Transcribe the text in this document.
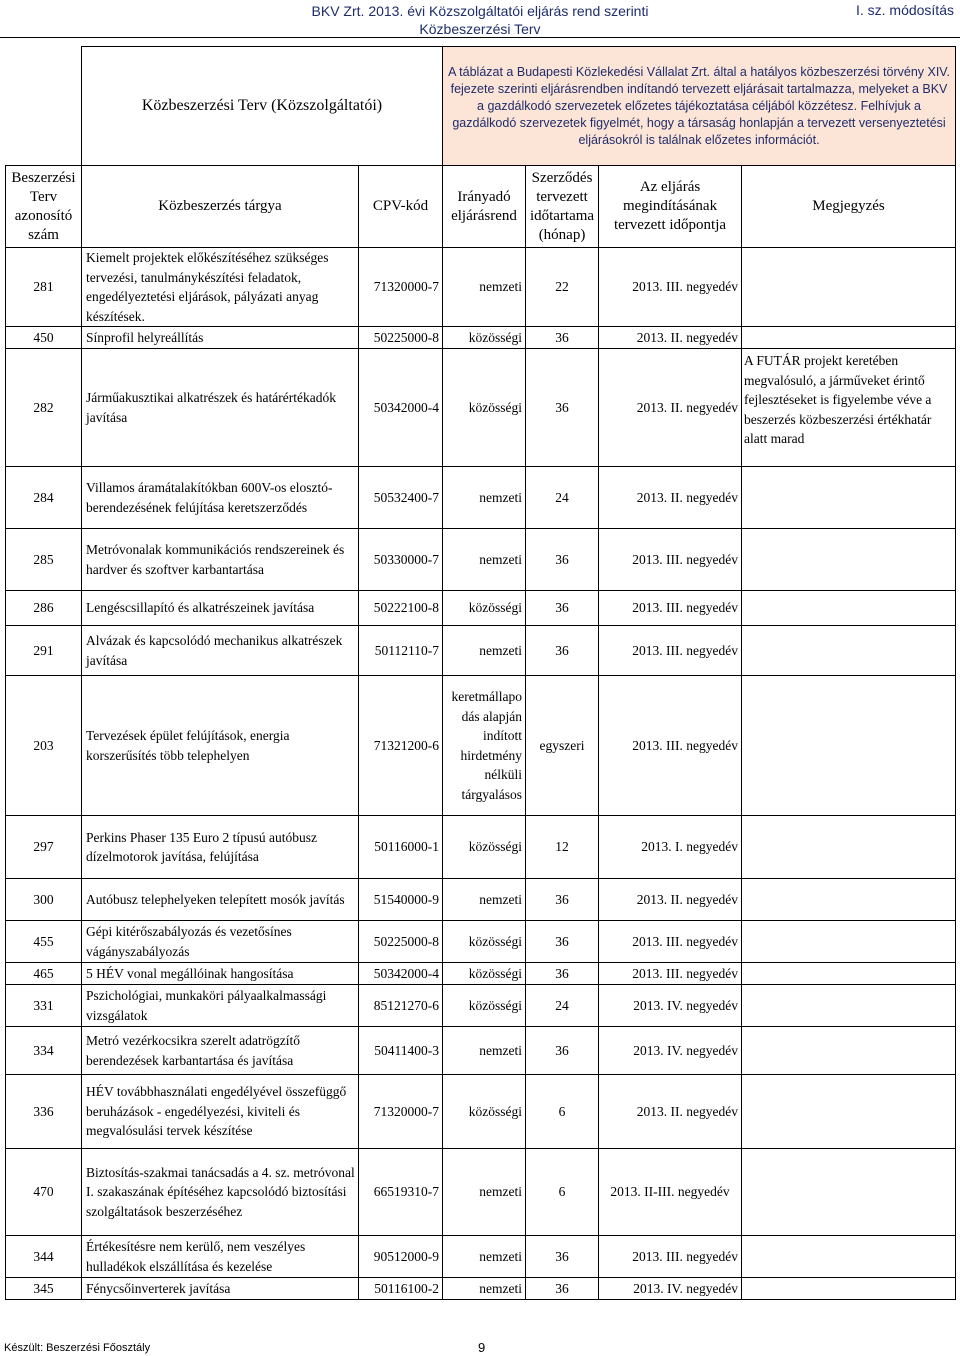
BKV Zrt. 2013. évi Közszolgáltatói eljárás rend szerinti
Közbeszerzési Terv
I. sz. módosítás
	Közbeszerzési Terv (Közszolgáltatói)		A táblázat a Budapesti Közlekedési Vállalat Zrt. által a hatályos közbeszerzési törvény XIV. fejezete szerinti eljárásrendben indítandó tervezett eljárásait tartalmazza, melyeket a BKV a gazdálkodó szervezetek előzetes tájékoztatása céljából közzétesz. Felhívjuk a gazdálkodó szervezetek figyelmét, hogy a társaság honlapján a tervezett versenyeztetési eljárásokról is találnak előzetes információt.			
Beszerzési Terv azonosító szám	Közbeszerzés tárgya	CPV-kód	Irányadó eljárásrend	Szerződés tervezett időtartama (hónap)	Az eljárás megindításának tervezett időpontja	Megjegyzés
281	Kiemelt projektek előkészítéséhez szükséges tervezési, tanulmánykészítési feladatok, engedélyeztetési eljárások, pályázati anyag készítések.	71320000-7	nemzeti	22	2013. III. negyedév	
450	Sínprofil helyreállítás	50225000-8	közösségi	36	2013. II. negyedév	
282	Járműakusztikai alkatrészek és határértékadók javítása	50342000-4	közösségi	36	2013. II. negyedév	A FUTÁR projekt keretében megvalósuló, a járműveket érintő fejlesztéseket is figyelembe véve a beszerzés közbeszerzési értékhatár alatt marad
284	Villamos áramátalakítókban 600V-os elosztó-berendezésének felújítása keretszerződés	50532400-7	nemzeti	24	2013. II. negyedév	
285	Metróvonalak kommunikációs rendszereinek és hardver és szoftver karbantartása	50330000-7	nemzeti	36	2013. III. negyedév	
286	Lengéscsillapító és alkatrészeinek javítása	50222100-8	közösségi	36	2013. III. negyedév	
291	Alvázak és kapcsolódó mechanikus alkatrészek javítása	50112110-7	nemzeti	36	2013. III. negyedév	
203	Tervezések épület felújítások, energia korszerűsítés több telephelyen	71321200-6	keretmállapo dás alapján indított hirdetmény nélküli tárgyalásos	egyszeri	2013. III. negyedév	
297	Perkins Phaser 135 Euro 2 típusú autóbusz dízelmotorok javítása, felújítása	50116000-1	közösségi	12	2013. I. negyedév	
300	Autóbusz telephelyeken telepített mosók javítás	51540000-9	nemzeti	36	2013. II. negyedév	
455	Gépi kitérőszabályozás és vezetősínes vágányszabályozás	50225000-8	közösségi	36	2013. III. negyedév	
465	5 HÉV vonal megállóinak hangosítása	50342000-4	közösségi	36	2013. III. negyedév	
331	Pszichológiai, munkaköri pályaalkalmassági vizsgálatok	85121270-6	közösségi	24	2013. IV. negyedév	
334	Metró vezérkocsikra szerelt adatrögzítő berendezések karbantartása és javítása	50411400-3	nemzeti	36	2013. IV. negyedév	
336	HÉV továbbhasználati engedélyével összefüggő beruházások - engedélyezési, kiviteli és megvalósulási tervek készítése	71320000-7	közösségi	6	2013. II. negyedév	
470	Biztosítás-szakmai tanácsadás a 4. sz. metróvonal I. szakaszának építéséhez kapcsolódó biztosítási szolgáltatások beszerzéséhez	66519310-7	nemzeti	6	2013. II-III. negyedév	
344	Értékesítésre nem kerülő, nem veszélyes hulladékok elszállítása és kezelése	90512000-9	nemzeti	36	2013. III. negyedév	
345	Fénycsőinverterek javítása	50116100-2	nemzeti	36	2013. IV. negyedév	
Készült: Beszerzési Főosztály	9
